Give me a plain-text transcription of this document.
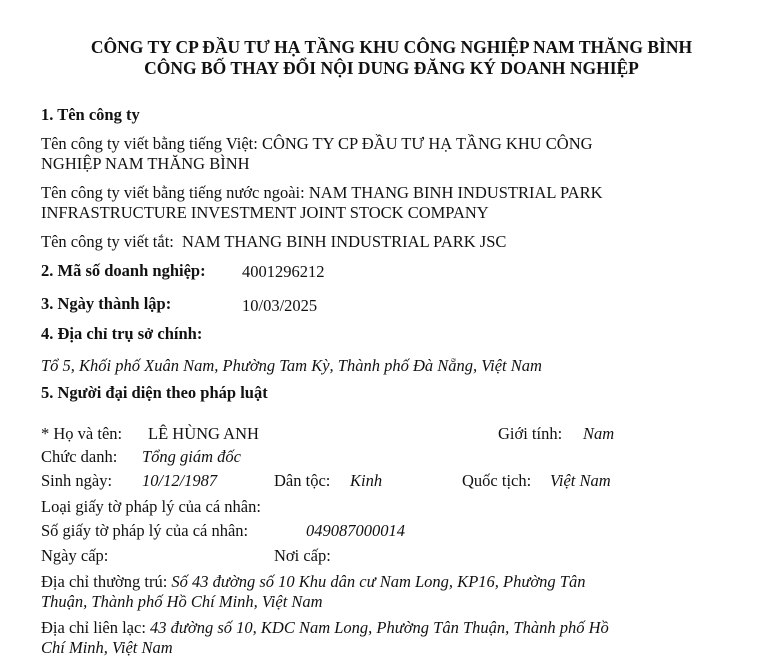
CÔNG TY CP ĐẦU TƯ HẠ TẦNG KHU CÔNG NGHIỆP NAM THĂNG BÌNH
CÔNG BỐ THAY ĐỔI NỘI DUNG ĐĂNG KÝ DOANH NGHIỆP
1. Tên công ty
Tên công ty viết bằng tiếng Việt: CÔNG TY CP ĐẦU TƯ HẠ TẦNG KHU CÔNG
NGHIỆP NAM THĂNG BÌNH
Tên công ty viết bằng tiếng nước ngoài: NAM THANG BINH INDUSTRIAL PARK
INFRASTRUCTURE INVESTMENT JOINT STOCK COMPANY
Tên công ty viết tắt: NAM THANG BINH INDUSTRIAL PARK JSC
2. Mã số doanh nghiệp: 4001296212
3. Ngày thành lập:	10/03/2025
4. Địa chỉ trụ sở chính:
Tổ 5, Khối phố Xuân Nam, Phường Tam Kỳ, Thành phố Đà Nẵng, Việt Nam
5. Người đại diện theo pháp luật
* Họ và tên: LÊ HÙNG ANH	Giới tính: Nam
Chức danh: Tổng giám đốc
Sinh ngày: 10/12/1987	Dân tộc: Kinh	Quốc tịch: Việt Nam
Loại giấy tờ pháp lý của cá nhân:
Số giấy tờ pháp lý của cá nhân:	049087000014
Ngày cấp:	Nơi cấp:
Địa chỉ thường trú: Số 43 đường số 10 Khu dân cư Nam Long, KP16, Phường Tân
Thuận, Thành phố Hồ Chí Minh, Việt Nam
Địa chỉ liên lạc: 43 đường số 10, KDC Nam Long, Phường Tân Thuận, Thành phố Hồ
Chí Minh, Việt Nam
